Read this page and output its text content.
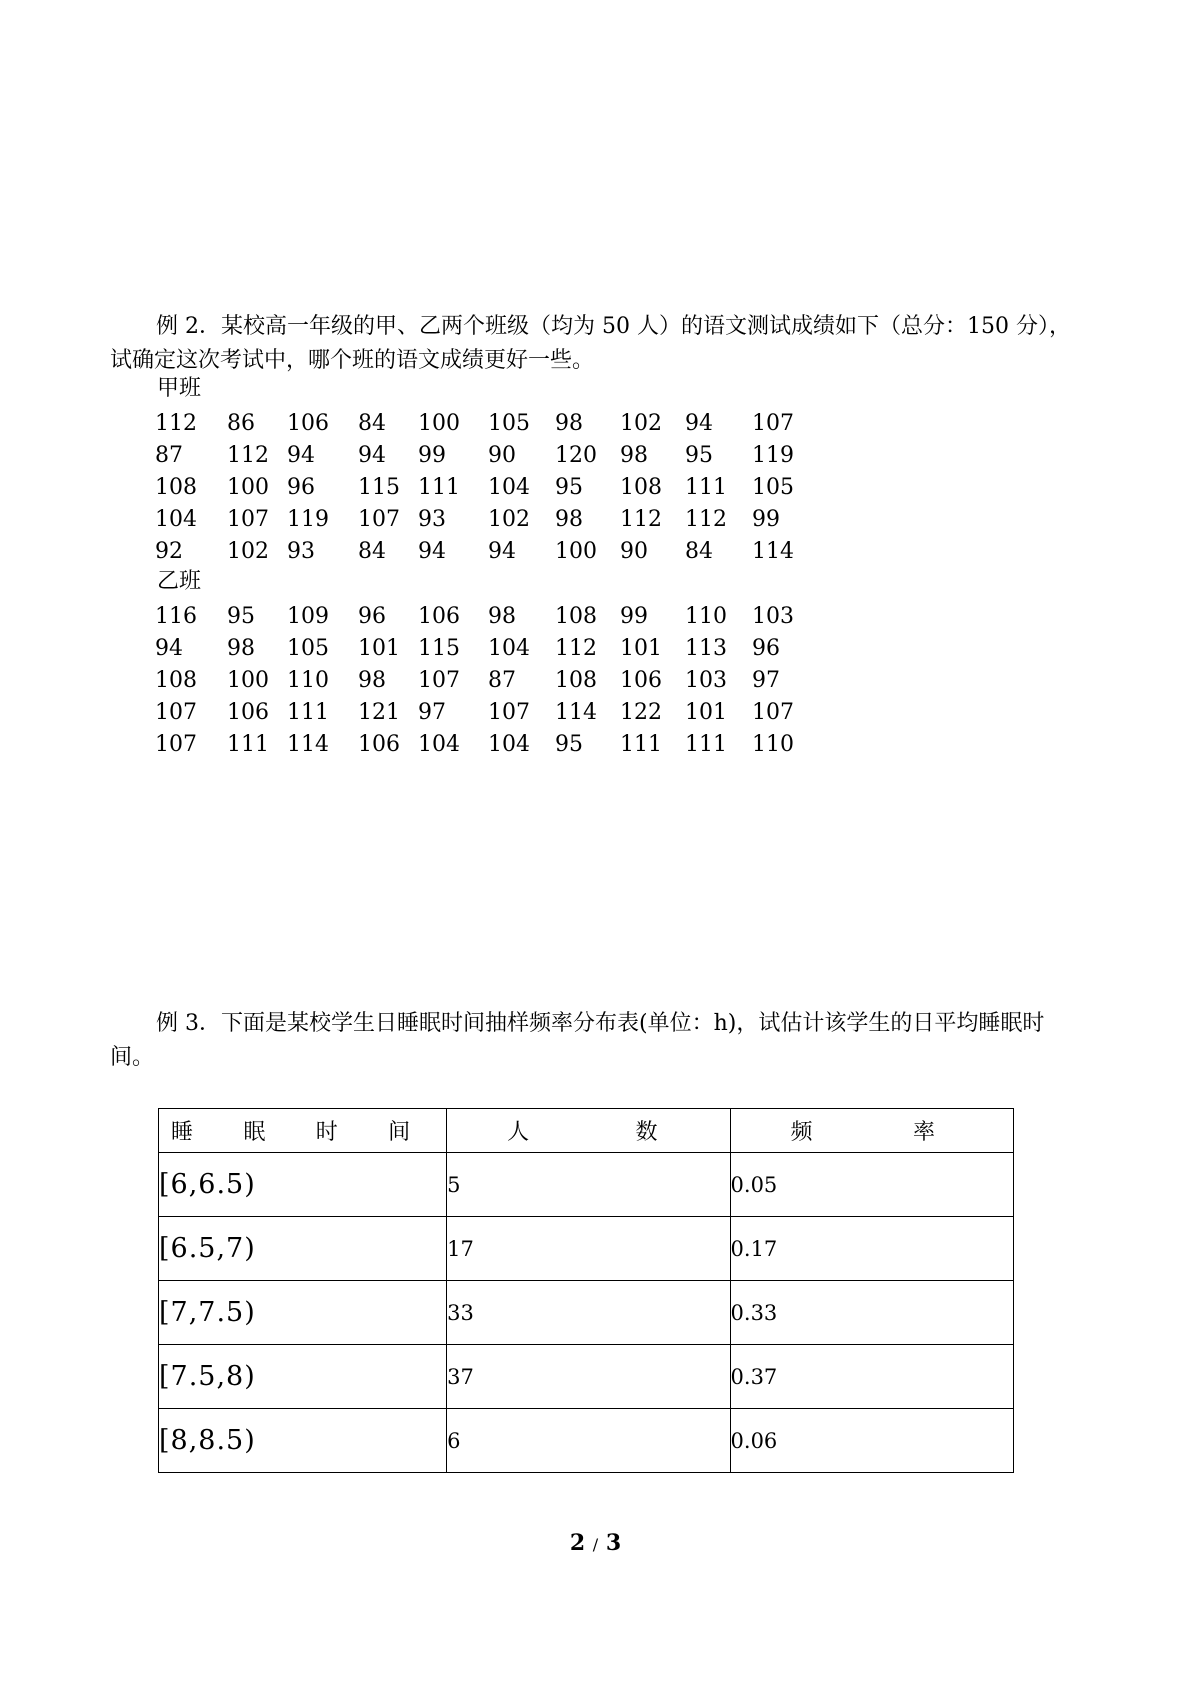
例 2．某校高一年级的甲、乙两个班级（均为 50 人）的语文测试成绩如下（总分：150 分），试确定这次考试中，哪个班的语文成绩更好一些。

甲班
112 86 106 84 100 105 98 102 94 107
87 112 94 94 99 90 120 98 95 119
108 100 96 115 111 104 95 108 111 105
104 107 119 107 93 102 98 112 112 99
92 102 93 84 94 94 100 90 84 114
乙班
116 95 109 96 106 98 108 99 110 103
94 98 105 101 115 104 112 101 113 96
108 100 110 98 107 87 108 106 103 97
107 106 111 121 97 107 114 122 101 107
107 111 114 106 104 104 95 111 111 110

例 3．下面是某校学生日睡眠时间抽样频率分布表(单位：h)，试估计该学生的日平均睡眠时间。

睡 眠 时 间	人 数	频 率

[6,6.5)	5	0.05
[6.5,7)	17	0.17
[7,7.5)	33	0.33
[7.5,8)	37	0.37
[8,8.5)	6	0.06
2 / 3
